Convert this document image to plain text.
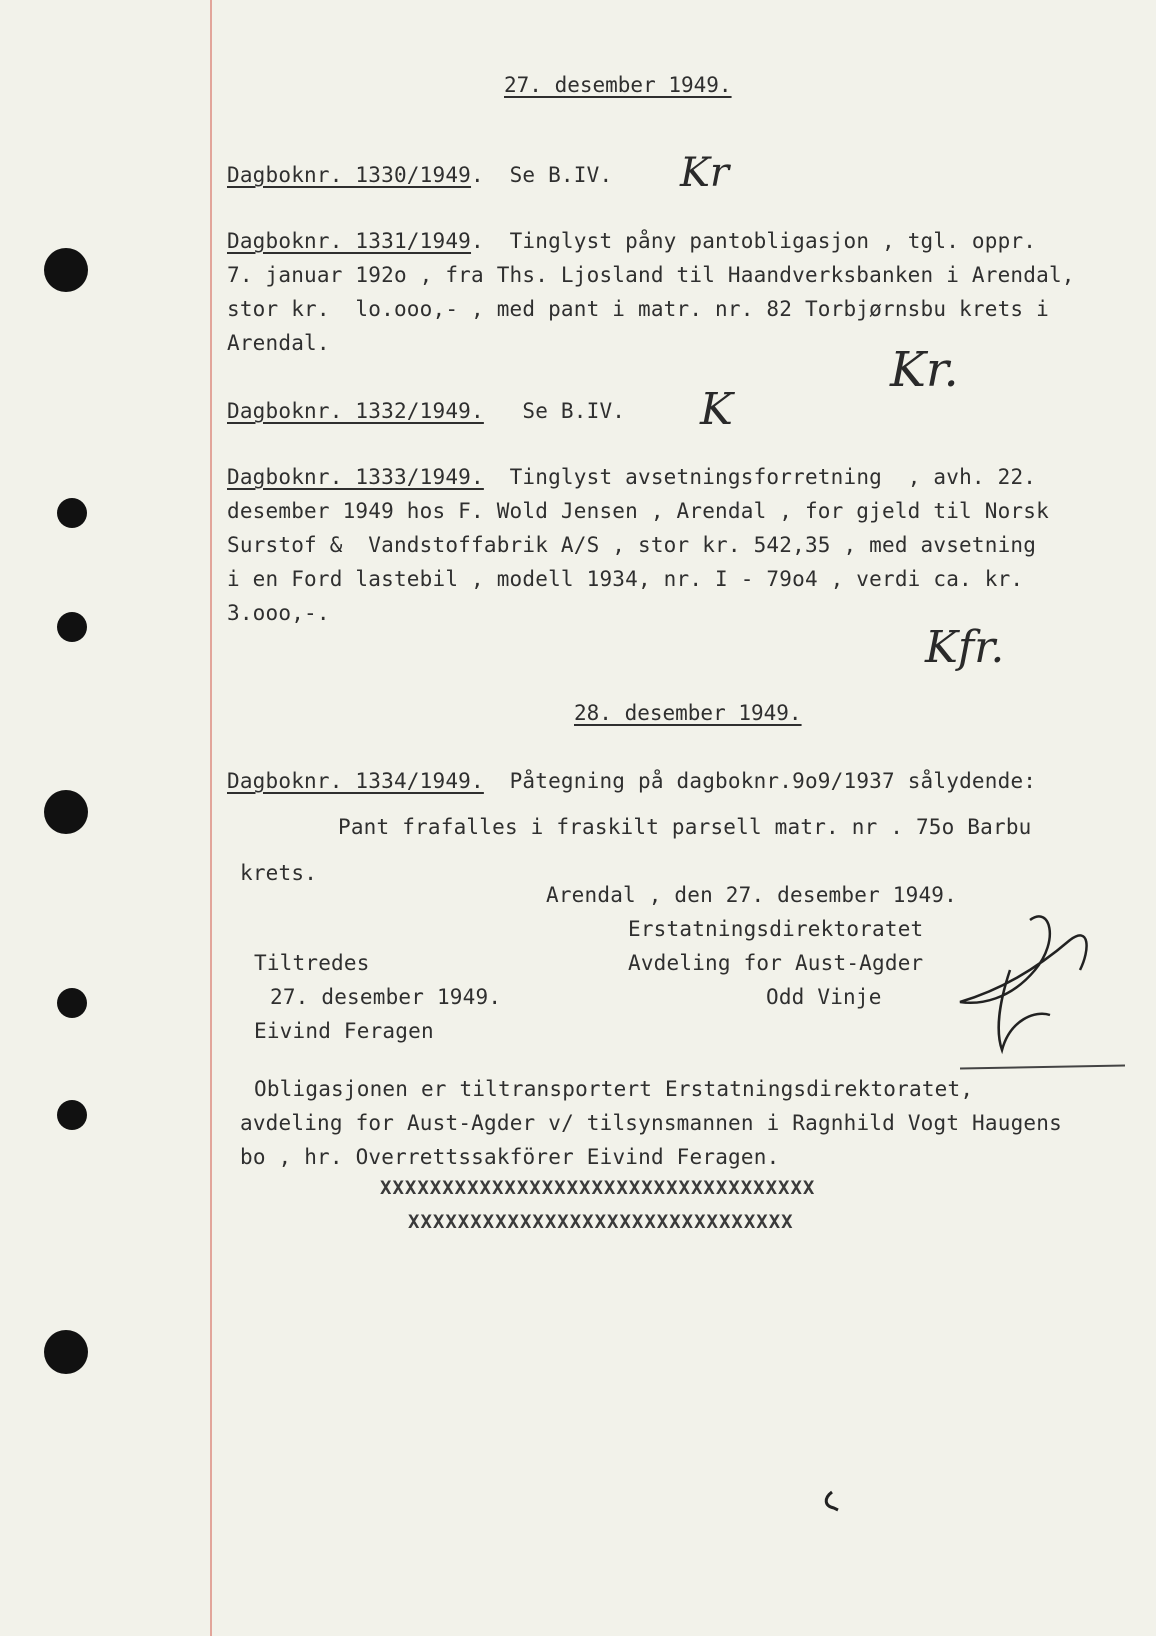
27. desember 1949.
Dagboknr. 1330/1949. Se B.IV. Kr
Dagboknr. 1331/1949. Tinglyst påny pantobligasjon , tgl. oppr.
7. januar 192o , fra Ths. Ljosland til Haandverksbanken i Arendal,
stor kr.  lo.ooo,- , med pant i matr. nr. 82 Torbjørnsbu krets i
Arendal.	Kr.
Dagboknr. 1332/1949. Se B.IV. K
Dagboknr. 1333/1949. Tinglyst avsetningsforretning  , avh. 22.
desember 1949 hos F. Wold Jensen , Arendal , for gjeld til Norsk
Surstof &  Vandstoffabrik A/S , stor kr. 542,35 , med avsetning
i en Ford lastebil , modell 1934, nr. I - 79o4 , verdi ca. kr.
3.ooo,-.
Kfr.
28. desember 1949.
Dagboknr. 1334/1949. Påtegning på dagboknr.9o9/1937 sålydende:
Pant frafalles i fraskilt parsell matr. nr . 75o Barbu
krets.
Arendal , den 27. desember 1949.
Erstatningsdirektoratet
Avdeling for Aust-Agder
Odd Vinje
Tiltredes
27. desember 1949.
Eivind Feragen
Obligasjonen er tiltransportert Erstatningsdirektoratet,
avdeling for Aust-Agder v/ tilsynsmannen i Ragnhild Vogt Haugens
bo , hr. Overrettssakförer Eivind Feragen.
XXXXXXXXXXXXXXXXXXXXXXXXXXXXXXXXXXX
XXXXXXXXXXXXXXXXXXXXXXXXXXXXXXX
